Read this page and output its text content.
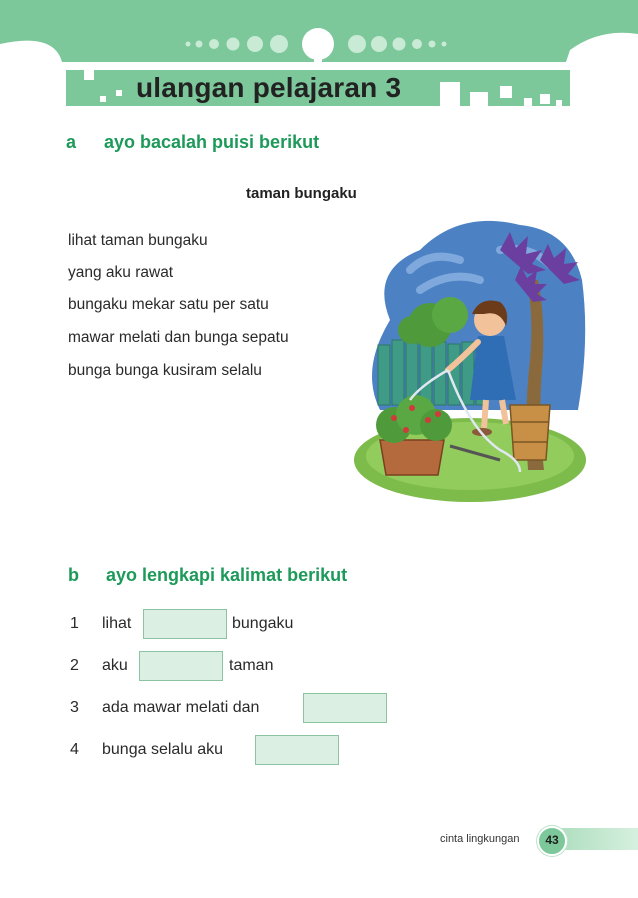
ulangan pelajaran 3
a ayo bacalah puisi berikut
taman bungaku
lihat taman bungaku
yang aku rawat
bungaku mekar satu per satu
mawar melati dan bunga sepatu
bunga bunga kusiram selalu
b ayo lengkapi kalimat berikut
1 lihat	bungaku
2 aku	taman
3 ada mawar melati dan
4 bunga selalu aku
cinta lingkungan	43
